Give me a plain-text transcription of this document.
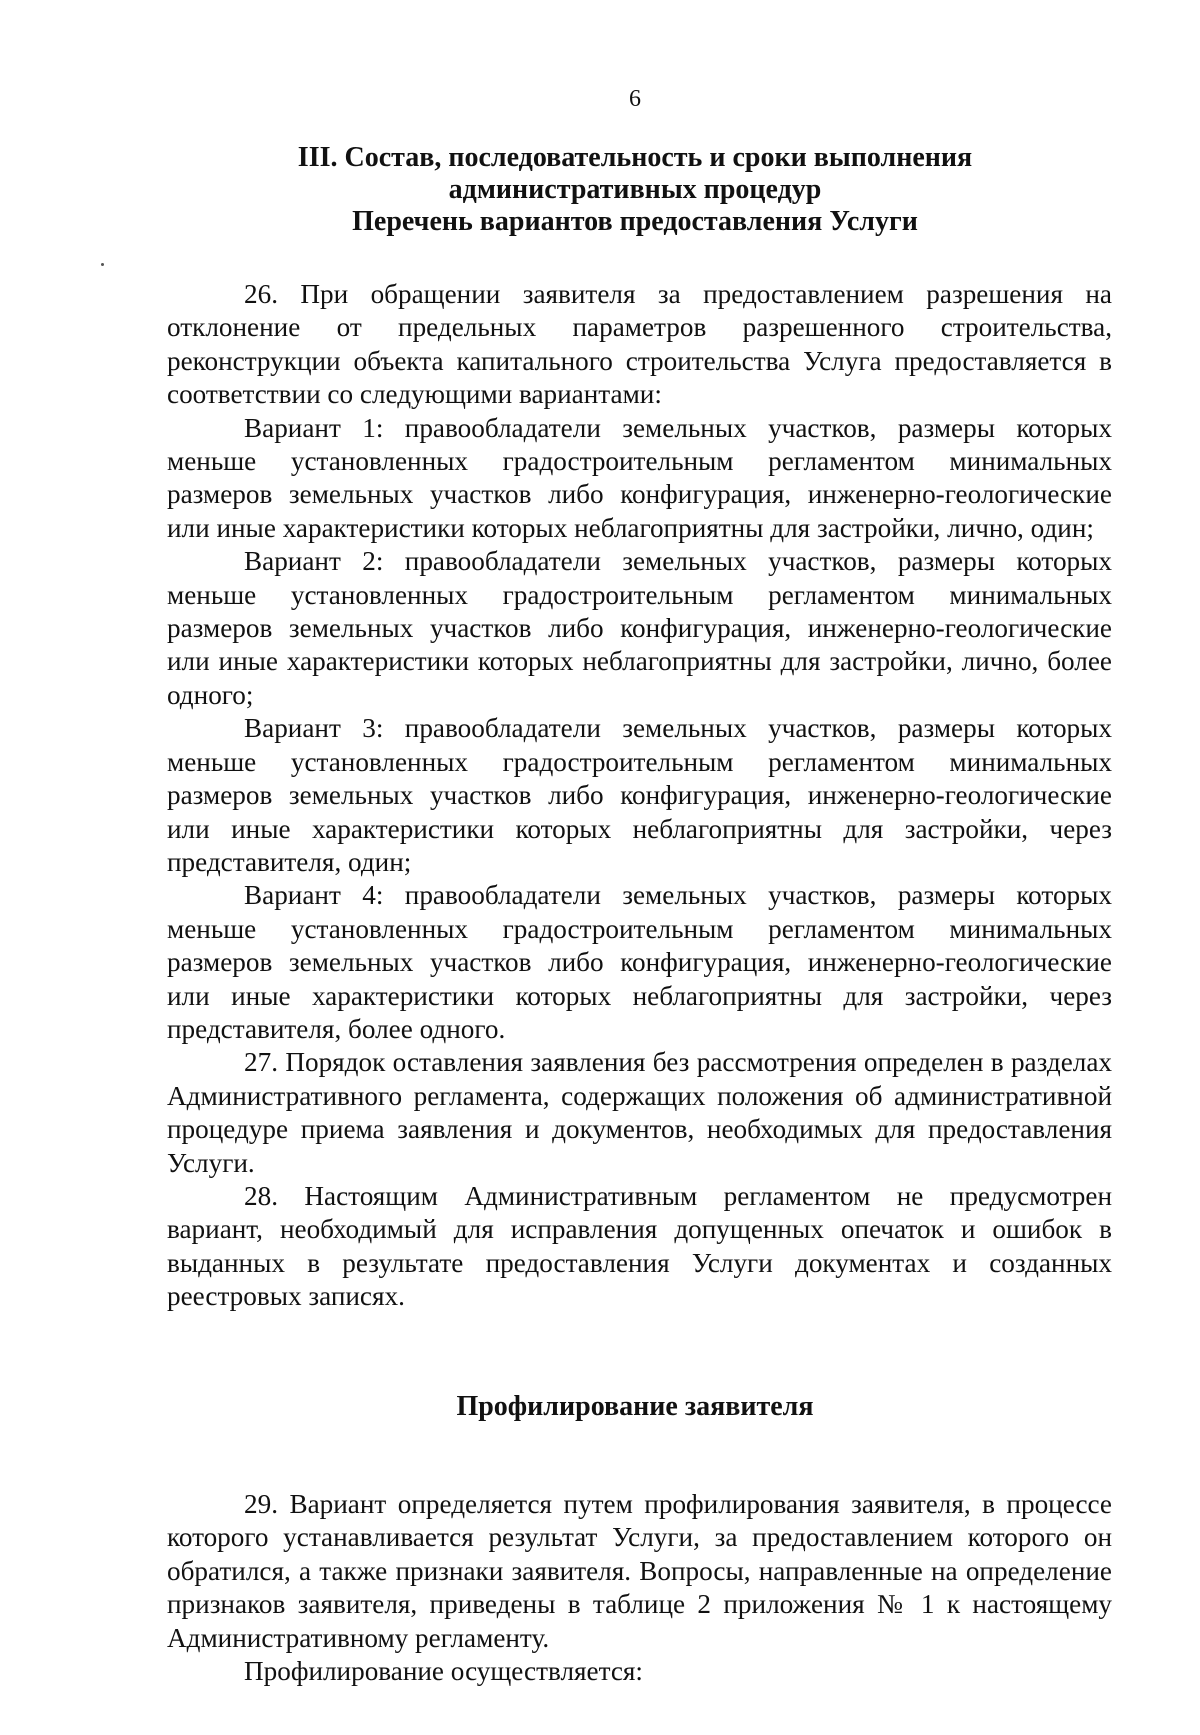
6
III. Состав, последовательность и сроки выполнения
административных процедур
Перечень вариантов предоставления Услуги

26. При обращении заявителя за предоставлением разрешения на отклонение от предельных параметров разрешенного строительства, реконструкции объекта капитального строительства Услуга предоставляется в соответствии со следующими вариантами:

Вариант 1: правообладатели земельных участков, размеры которых меньше установленных градостроительным регламентом минимальных размеров земельных участков либо конфигурация, инженерно-геологические или иные характеристики которых неблагоприятны для застройки, лично, один;

Вариант 2: правообладатели земельных участков, размеры которых меньше установленных градостроительным регламентом минимальных размеров земельных участков либо конфигурация, инженерно-геологические или иные характеристики которых неблагоприятны для застройки, лично, более одного;

Вариант 3: правообладатели земельных участков, размеры которых меньше установленных градостроительным регламентом минимальных размеров земельных участков либо конфигурация, инженерно-геологические или иные характеристики которых неблагоприятны для застройки, через представителя, один;

Вариант 4: правообладатели земельных участков, размеры которых меньше установленных градостроительным регламентом минимальных размеров земельных участков либо конфигурация, инженерно-геологические или иные характеристики которых неблагоприятны для застройки, через представителя, более одного.

27. Порядок оставления заявления без рассмотрения определен в разделах Административного регламента, содержащих положения об административной процедуре приема заявления и документов, необходимых для предоставления Услуги.

28. Настоящим Административным регламентом не предусмотрен вариант, необходимый для исправления допущенных опечаток и ошибок в выданных в результате предоставления Услуги документах и созданных реестровых записях.

Профилирование заявителя

29. Вариант определяется путем профилирования заявителя, в процессе которого устанавливается результат Услуги, за предоставлением которого он обратился, а также признаки заявителя. Вопросы, направленные на определение признаков заявителя, приведены в таблице 2 приложения № 1 к настоящему Административному регламенту.

Профилирование осуществляется:
